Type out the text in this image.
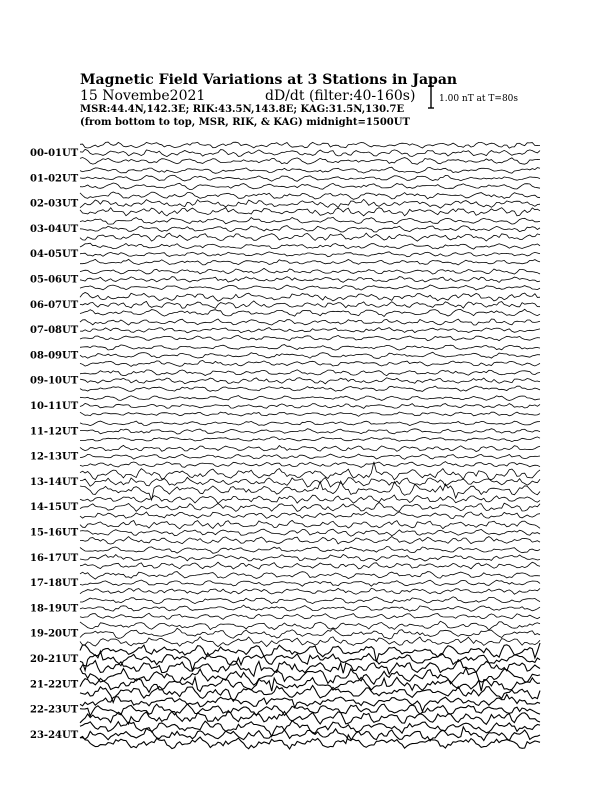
Magnetic Field Variations at 3 Stations in Japan
15 Novembe2021	dD/dt (filter:40-160s)
MSR:44.4N,142.3E; RIK:43.5N,143.8E; KAG:31.5N,130.7E
(from bottom to top, MSR, RIK, & KAG) midnight=1500UT
1.00 nT at T=80s
00-01UT
01-02UT
02-03UT
03-04UT
04-05UT
05-06UT
06-07UT
07-08UT
08-09UT
09-10UT
10-11UT
11-12UT
12-13UT
13-14UT
14-15UT
15-16UT
16-17UT
17-18UT
18-19UT
19-20UT
20-21UT
21-22UT
22-23UT
23-24UT
